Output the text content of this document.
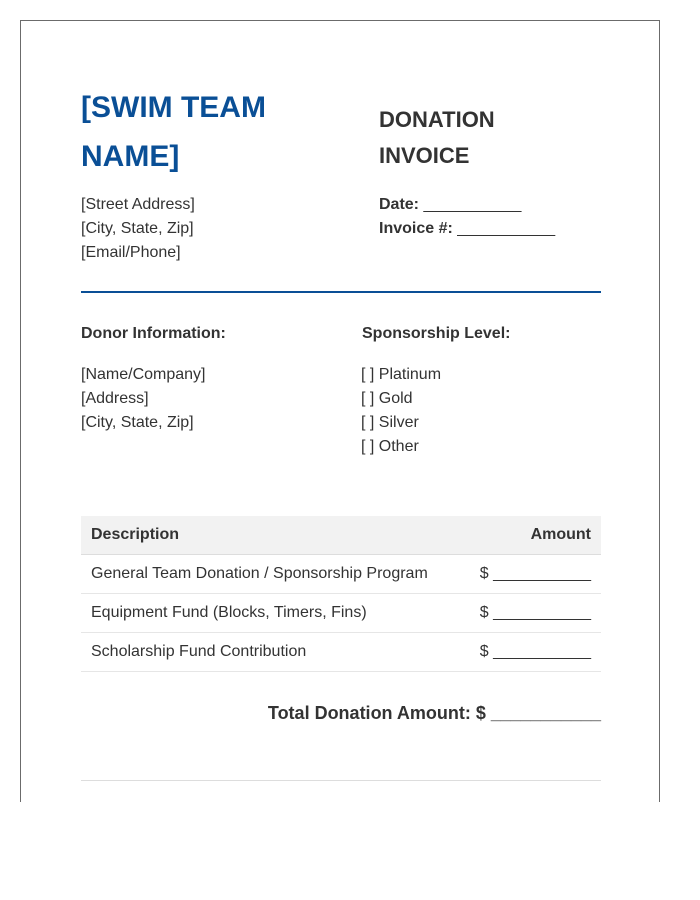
[SWIM TEAM NAME]
[Street Address]
[City, State, Zip]
[Email/Phone]
DONATION INVOICE
Date: ___________
Invoice #: ___________
Donor Information:
[Name/Company]
[Address]
[City, State, Zip]
Sponsorship Level:
[ ] Platinum
[ ] Gold
[ ] Silver
[ ] Other
Description	Amount
General Team Donation / Sponsorship Program	$ ___________
Equipment Fund (Blocks, Timers, Fins)	$ ___________
Scholarship Fund Contribution	$ ___________
Total Donation Amount: $ ___________
